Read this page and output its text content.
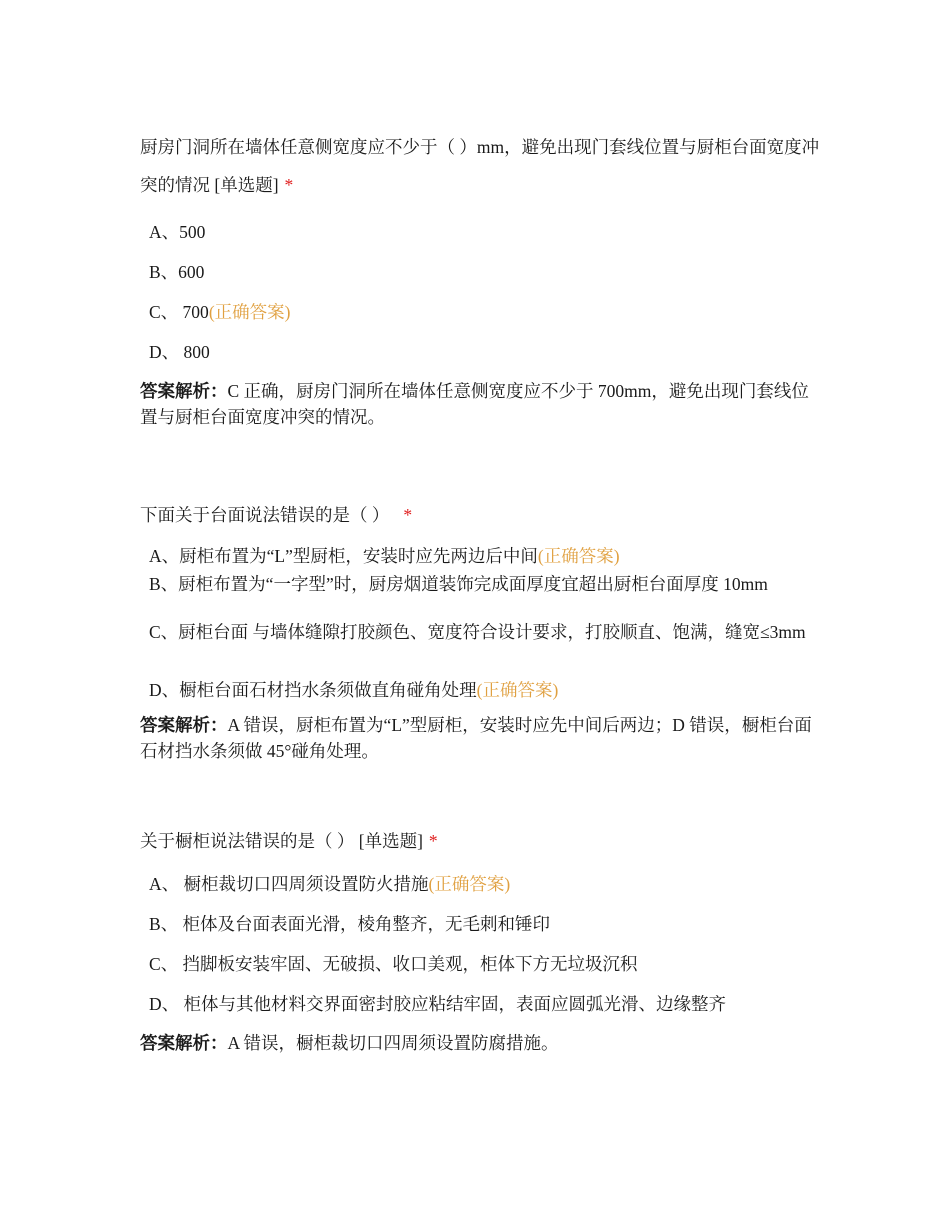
厨房门洞所在墙体任意侧宽度应不少于（ ）mm，避免出现门套线位置与厨柜台面宽度冲突的情况 [单选题] *
A、500
B、600
C、 700(正确答案)
D、 800
答案解析：C 正确，厨房门洞所在墙体任意侧宽度应不少于 700mm，避免出现门套线位置与厨柜台面宽度冲突的情况。
下面关于台面说法错误的是（ ） *
A、厨柜布置为“L”型厨柜，安装时应先两边后中间(正确答案)
B、厨柜布置为“一字型”时，厨房烟道装饰完成面厚度宜超出厨柜台面厚度 10mm
C、厨柜台面 与墙体缝隙打胶颜色、宽度符合设计要求，打胶顺直、饱满，缝宽≤3mm
D、橱柜台面石材挡水条须做直角碰角处理(正确答案)
答案解析：A 错误，厨柜布置为“L”型厨柜，安装时应先中间后两边；D 错误，橱柜台面石材挡水条须做 45°碰角处理。
关于橱柜说法错误的是（ ） [单选题] *
A、 橱柜裁切口四周须设置防火措施(正确答案)
B、 柜体及台面表面光滑，棱角整齐，无毛刺和锤印
C、 挡脚板安装牢固、无破损、收口美观，柜体下方无垃圾沉积
D、 柜体与其他材料交界面密封胶应粘结牢固，表面应圆弧光滑、边缘整齐
答案解析：A 错误，橱柜裁切口四周须设置防腐措施。
